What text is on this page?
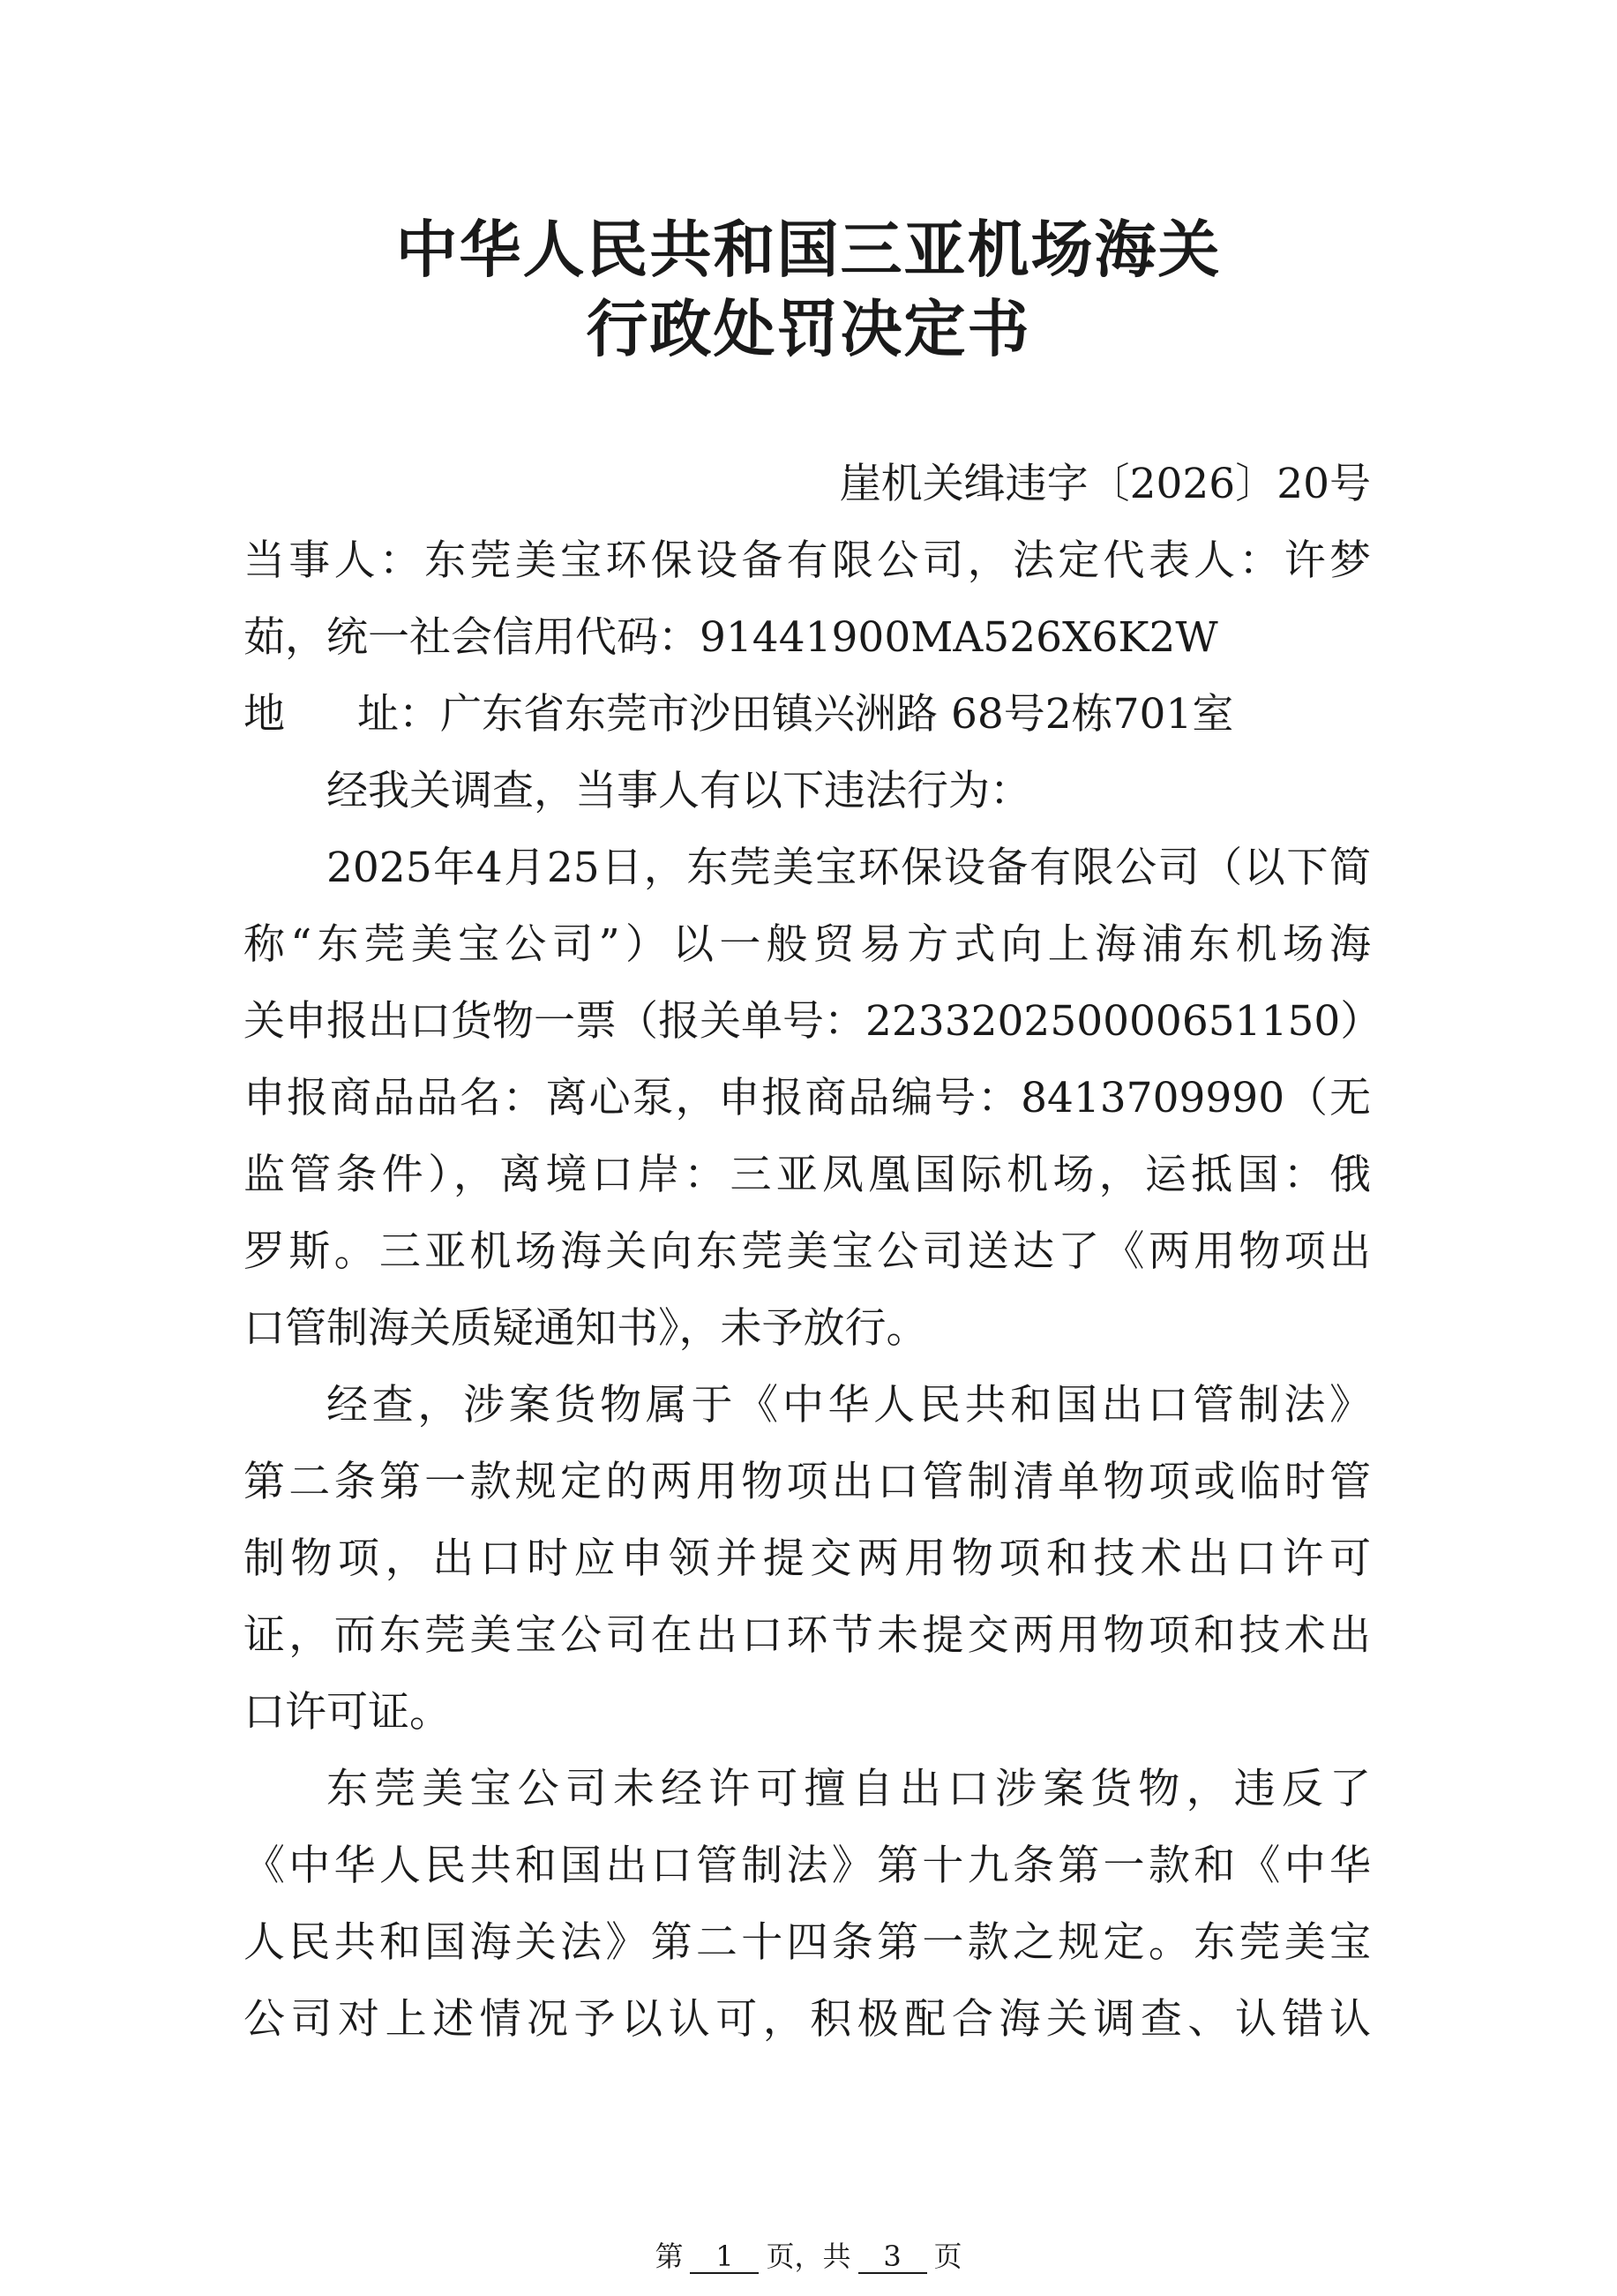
中华人民共和国三亚机场海关
行政处罚决定书
崖机关缉违字〔2026〕20号
当事人：东莞美宝环保设备有限公司，法定代表人：许梦
茹，统一社会信用代码：91441900MA526X6K2W
地址：广东省东莞市沙田镇兴洲路 68号2栋701室
经我关调查，当事人有以下违法行为：
2025年4月25日，东莞美宝环保设备有限公司（以下简
称“东莞美宝公司”）以一般贸易方式向上海浦东机场海
关申报出口货物一票（报关单号：223320250000651150）
申报商品品名：离心泵，申报商品编号：8413709990（无
监管条件），离境口岸：三亚凤凰国际机场，运抵国：俄
罗斯。三亚机场海关向东莞美宝公司送达了《两用物项出
口管制海关质疑通知书》，未予放行。
经查，涉案货物属于《中华人民共和国出口管制法》
第二条第一款规定的两用物项出口管制清单物项或临时管
制物项，出口时应申领并提交两用物项和技术出口许可
证，而东莞美宝公司在出口环节未提交两用物项和技术出
口许可证。
东莞美宝公司未经许可擅自出口涉案货物，违反了
《中华人民共和国出口管制法》第十九条第一款和《中华
人民共和国海关法》第二十四条第一款之规定。东莞美宝
公司对上述情况予以认可，积极配合海关调查、认错认
第 1 页，共 3 页
